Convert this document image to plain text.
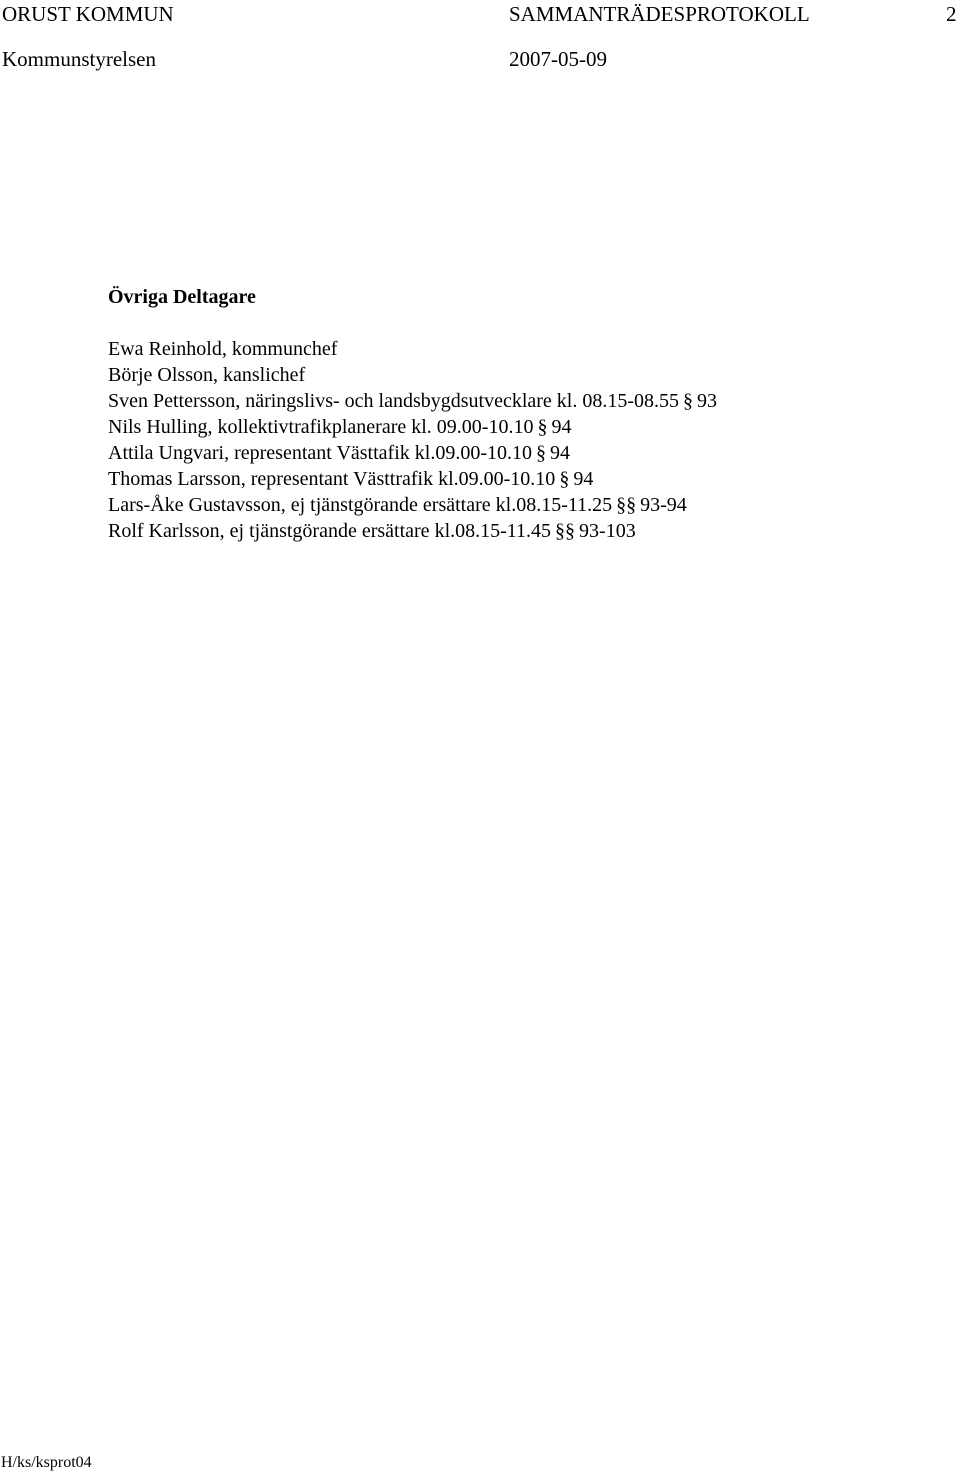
ORUST KOMMUN	SAMMANTRÄDESPROTOKOLL	2
Kommunstyrelsen	2007-05-09
Övriga Deltagare
Ewa Reinhold, kommunchef
Börje Olsson, kanslichef
Sven Pettersson, näringslivs- och landsbygdsutvecklare kl. 08.15-08.55 § 93
Nils Hulling, kollektivtrafikplanerare kl. 09.00-10.10 § 94
Attila Ungvari, representant Västtafik kl.09.00-10.10 § 94
Thomas Larsson, representant Västtrafik kl.09.00-10.10 § 94
Lars-Åke Gustavsson, ej tjänstgörande ersättare kl.08.15-11.25 §§ 93-94
Rolf Karlsson, ej tjänstgörande ersättare kl.08.15-11.45 §§ 93-103
H/ks/ksprot04
